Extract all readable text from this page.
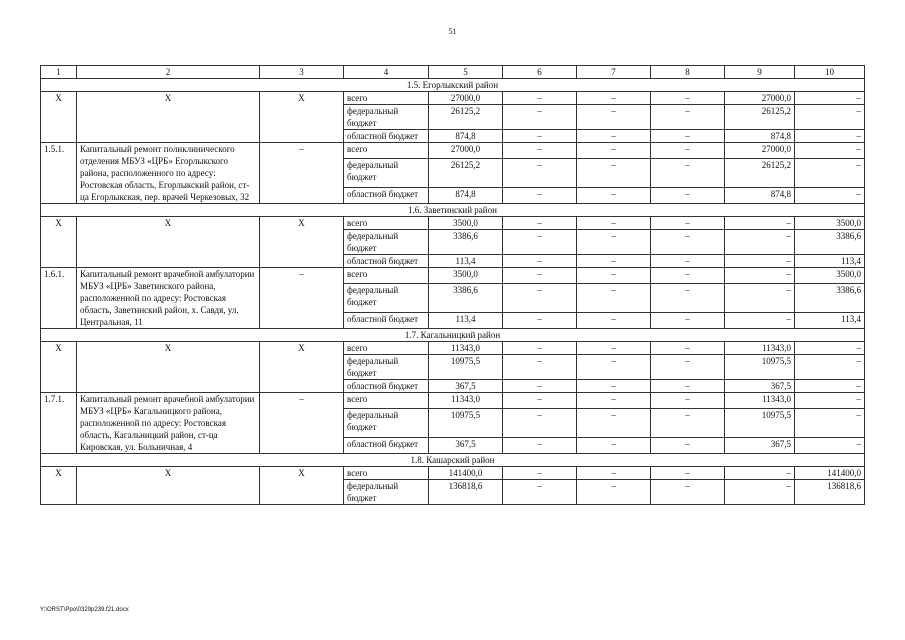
51
1	2	3	4	5	6	7	8	9	10
1.5. Егорлыкский район									
Х	Х	Х	всего	27000,0	–	–	–	27000,0	–
			федеральный бюджет	26125,2	–	–	–	26125,2	–
			областной бюджет	874,8	–	–	–	874,8	–
1.5.1.	Капитальный ремонт поликлинического отделения МБУЗ «ЦРБ» Егорлыкского района, расположенного по адресу: Ростовская область, Егорлыкский район, ст-ца Егорлыкская, пер. врачей Черкезовых, 32	–	всего	27000,0	–	–	–	27000,0	–
			федеральный бюджет	26125,2	–	–	–	26125,2	–
			областной бюджет	874,8	–	–	–	874,8	–
1.6. Заветинский район									
Х	Х	Х	всего	3500,0	–	–	–	–	3500,0
			федеральный бюджет	3386,6	–	–	–	–	3386,6
			областной бюджет	113,4	–	–	–	–	113,4
1.6.1.	Капитальный ремонт врачебной амбулатории МБУЗ «ЦРБ» Заветинского района, расположенной по адресу: Ростовская область, Заветинский район, х. Савдя, ул. Центральная, 11	–	всего	3500,0	–	–	–	–	3500,0
			федеральный бюджет	3386,6	–	–	–	–	3386,6
			областной бюджет	113,4	–	–	–	–	113,4
1.7. Кагальницкий район									
Х	Х	Х	всего	11343,0	–	–	–	11343,0	–
			федеральный бюджет	10975,5	–	–	–	10975,5	–
			областной бюджет	367,5	–	–	–	367,5	–
1.7.1.	Капитальный ремонт врачебной амбулатории МБУЗ «ЦРБ» Кагальницкого района, расположенной по адресу: Ростовская область, Кагальницкий район, ст-ца Кировская, ул. Больничная, 4	–	всего	11343,0	–	–	–	11343,0	–
			федеральный бюджет	10975,5	–	–	–	10975,5	–
			областной бюджет	367,5	–	–	–	367,5	–
1.8. Кашарский район									
Х	Х	Х	всего	141400,0	–	–	–	–	141400,0
			федеральный бюджет	136818,6	–	–	–	–	136818,6
Y:\ORST\Ppo\0329p239.f21.docx
